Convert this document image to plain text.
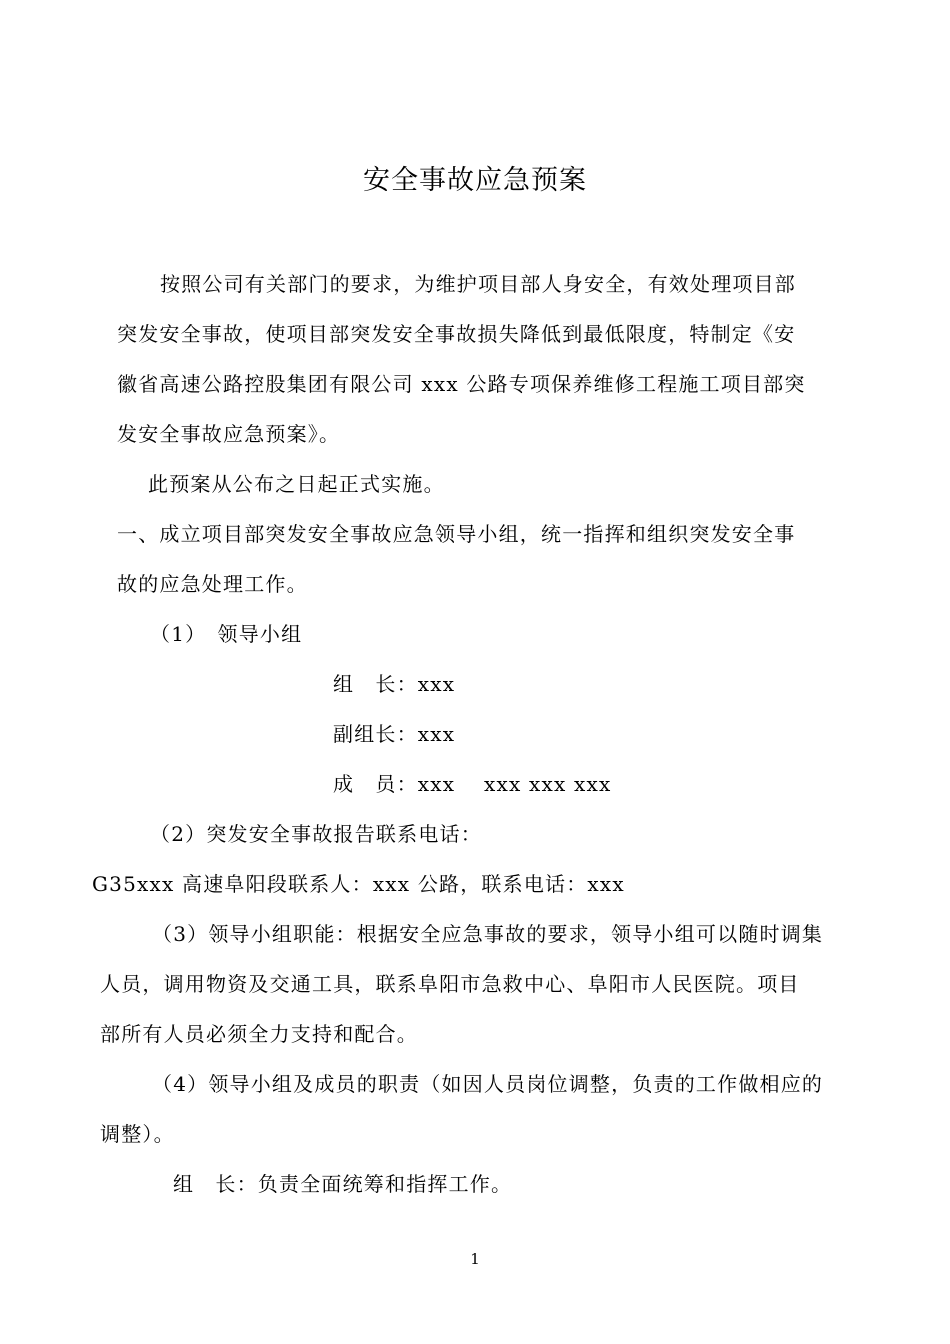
安全事故应急预案
按照公司有关部门的要求，为维护项目部人身安全，有效处理项目部
突发安全事故，使项目部突发安全事故损失降低到最低限度，特制定《安
徽省高速公路控股集团有限公司 xxx 公路专项保养维修工程施工项目部突
发安全事故应急预案》。
此预案从公布之日起正式实施。
一、成立项目部突发安全事故应急领导小组，统一指挥和组织突发安全事
故的应急处理工作。
（1）　领导小组
组　长：xxx
副组长：xxx
成　员：xxx　 xxx xxx xxx
（2）突发安全事故报告联系电话：
G35xxx 高速阜阳段联系人：xxx 公路，联系电话：xxx
（3）领导小组职能：根据安全应急事故的要求，领导小组可以随时调集
人员，调用物资及交通工具，联系阜阳市急救中心、阜阳市人民医院。项目
部所有人员必须全力支持和配合。
（4）领导小组及成员的职责（如因人员岗位调整，负责的工作做相应的
调整）。
组　长：负责全面统筹和指挥工作。
1
